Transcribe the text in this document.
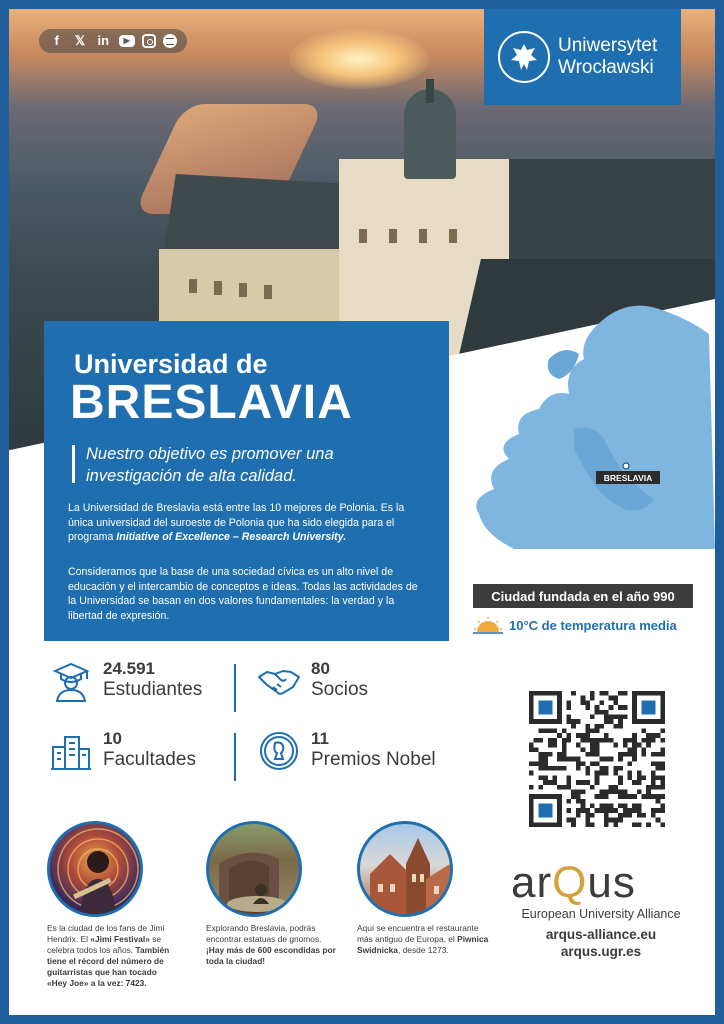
f	𝕏 in	▶	Uniwersytet
Wrocławski
BRESLAVIA
Universidad de
BRESLAVIA
Nuestro objetivo es promover una investigación de alta calidad.
La Universidad de Breslavia está entre las 10 mejores de Polonia. Es la única universidad del suroeste de Polonia que ha sido elegida para el programa Initiative of Excellence – Research University.
Consideramos que la base de una sociedad cívica es un alto nivel de educación y el intercambio de conceptos e ideas. Todas las actividades de la Universidad se basan en dos valores fundamentales: la verdad y la libertad de expresión.
Ciudad fundada en el año 990
10°C de temperatura media
24.591
Estudiantes
80
Socios
10
Facultades
11
Premios Nobel
arQus
European University Alliance
arqus-alliance.eu
arqus.ugr.es
Es la ciudad de los fans de Jimi Hendrix. El «Jimi Festival» se celebra todos los años. También tiene el récord del número de guitarristas que han tocado «Hey Joe» a la vez: 7423.
Explorando Breslavia, podrás encontrar estatuas de gnomos. ¡Hay más de 600 escondidas por toda la ciudad!
Aquí se encuentra el restaurante más antiguo de Europa, el Piwnica Swidnicka, desde 1273.
